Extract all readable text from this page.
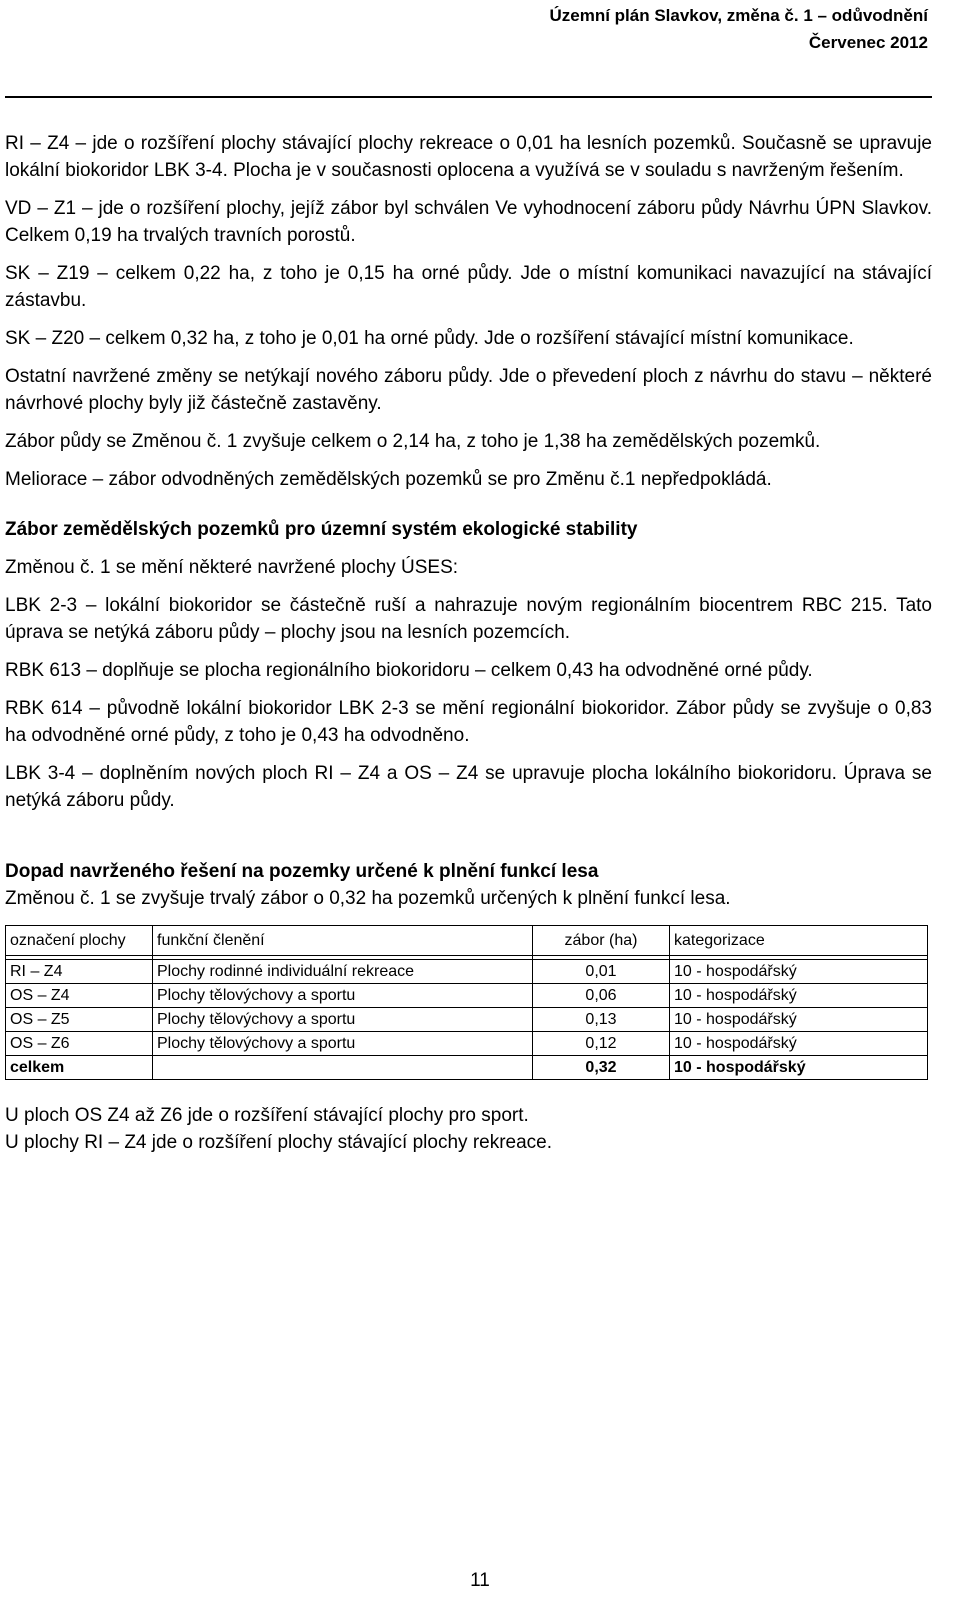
Územní plán Slavkov, změna č. 1 – odůvodnění
Červenec 2012

RI – Z4 – jde o rozšíření plochy stávající plochy rekreace o 0,01 ha lesních pozemků. Současně se upravuje lokální biokoridor LBK 3-4. Plocha je v současnosti oplocena a využívá se v souladu s navrženým řešením.

VD – Z1 – jde o rozšíření plochy, jejíž zábor byl schválen Ve vyhodnocení záboru půdy Návrhu ÚPN Slavkov. Celkem 0,19 ha trvalých travních porostů.

SK – Z19 – celkem 0,22 ha, z toho je 0,15 ha orné půdy. Jde o místní komunikaci navazující na stávající zástavbu.

SK – Z20 – celkem 0,32 ha, z toho je 0,01 ha orné půdy. Jde o rozšíření stávající místní komunikace.

Ostatní navržené změny se netýkají nového záboru půdy. Jde o převedení ploch z návrhu do stavu – některé návrhové plochy byly již částečně zastavěny.

Zábor půdy se Změnou č. 1 zvyšuje celkem o 2,14 ha, z toho je 1,38 ha zemědělských pozemků.

Meliorace – zábor odvodněných zemědělských pozemků se pro Změnu č.1 nepředpokládá.

Zábor zemědělských pozemků pro územní systém ekologické stability

Změnou č. 1 se mění některé navržené plochy ÚSES:

LBK 2-3 – lokální biokoridor se částečně ruší a nahrazuje novým regionálním biocentrem RBC 215. Tato úprava se netýká záboru půdy – plochy jsou na lesních pozemcích.

RBK 613 – doplňuje se plocha regionálního biokoridoru – celkem 0,43 ha odvodněné orné půdy.

RBK 614 – původně lokální biokoridor LBK 2-3 se mění regionální biokoridor. Zábor půdy se zvyšuje o 0,83 ha odvodněné orné půdy, z toho je 0,43 ha odvodněno.

LBK 3-4 – doplněním nových ploch RI – Z4 a OS – Z4 se upravuje plocha lokálního biokoridoru. Úprava se netýká záboru půdy.

Dopad navrženého řešení na pozemky určené k plnění funkcí lesa

Změnou č. 1 se zvyšuje trvalý zábor o 0,32 ha pozemků určených k plnění funkcí lesa.

označení plochy	funkční členění	zábor (ha)	kategorizace

RI – Z4	Plochy rodinné individuální rekreace	0,01	10 - hospodářský
OS – Z4	Plochy tělovýchovy a sportu	0,06	10 - hospodářský
OS – Z5	Plochy tělovýchovy a sportu	0,13	10 - hospodářský
OS – Z6	Plochy tělovýchovy a sportu	0,12	10 - hospodářský
celkem		0,32	10 - hospodářský

U ploch OS Z4 až Z6 jde o rozšíření stávající plochy pro sport.

U plochy RI – Z4 jde o rozšíření plochy stávající plochy rekreace.

11
